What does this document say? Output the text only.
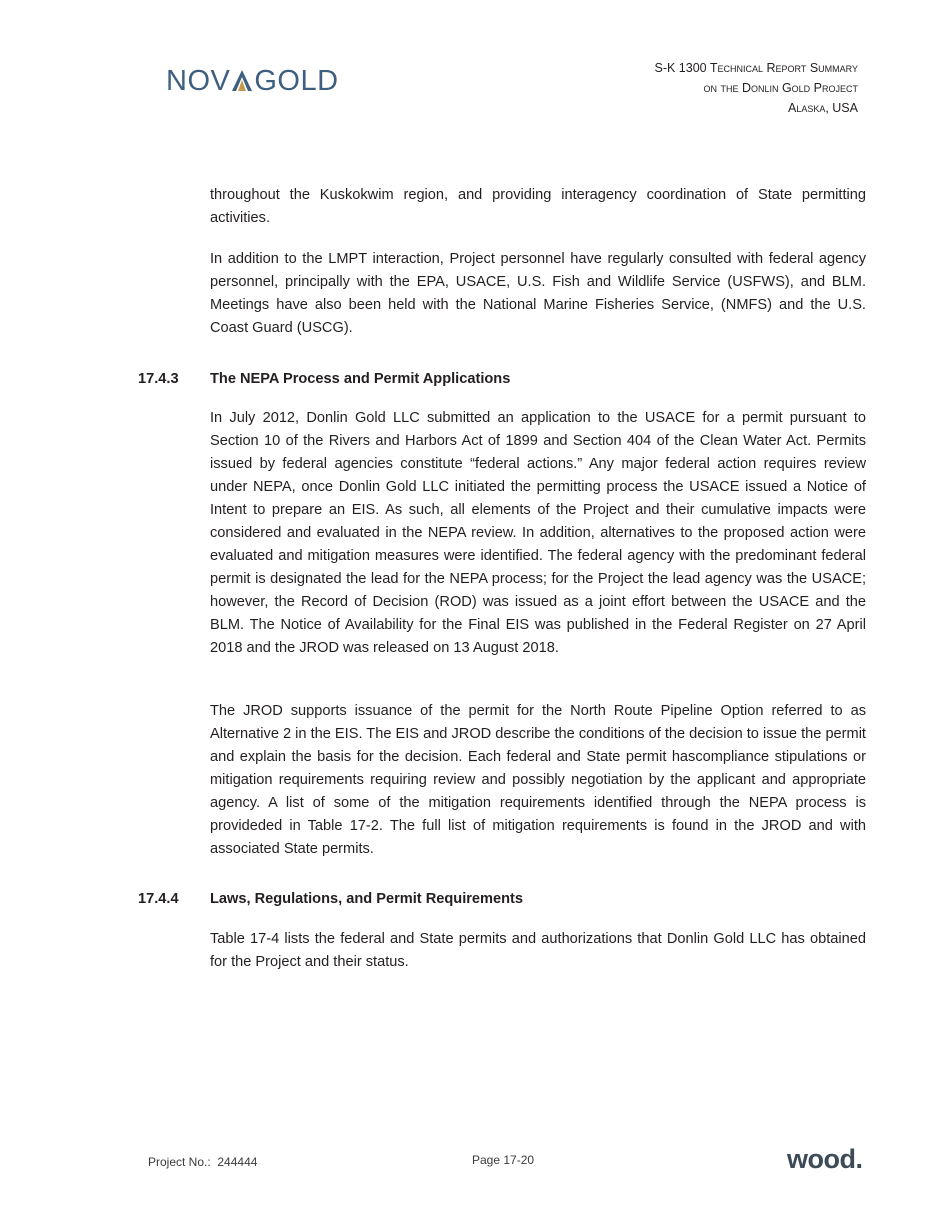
NOV GOLD	S-K 1300 Technical Report Summary
on the Donlin Gold Project
Alaska, USA

throughout the Kuskokwim region, and providing interagency coordination of State permitting activities.

In addition to the LMPT interaction, Project personnel have regularly consulted with federal agency personnel, principally with the EPA, USACE, U.S. Fish and Wildlife Service (USFWS), and BLM. Meetings have also been held with the National Marine Fisheries Service, (NMFS) and the U.S. Coast Guard (USCG).

17.4.3 The NEPA Process and Permit Applications

In July 2012, Donlin Gold LLC submitted an application to the USACE for a permit pursuant to Section 10 of the Rivers and Harbors Act of 1899 and Section 404 of the Clean Water Act. Permits issued by federal agencies constitute “federal actions.” Any major federal action requires review under NEPA, once Donlin Gold LLC initiated the permitting process the USACE issued a Notice of Intent to prepare an EIS. As such, all elements of the Project and their cumulative impacts were considered and evaluated in the NEPA review. In addition, alternatives to the proposed action were evaluated and mitigation measures were identified. The federal agency with the predominant federal permit is designated the lead for the NEPA process; for the Project the lead agency was the USACE; however, the Record of Decision (ROD) was issued as a joint effort between the USACE and the BLM. The Notice of Availability for the Final EIS was published in the Federal Register on 27 April 2018 and the JROD was released on 13 August 2018.

The JROD supports issuance of the permit for the North Route Pipeline Option referred to as Alternative 2 in the EIS. The EIS and JROD describe the conditions of the decision to issue the permit and explain the basis for the decision. Each federal and State permit hascompliance stipulations or mitigation requirements requiring review and possibly negotiation by the applicant and appropriate agency. A list of some of the mitigation requirements identified through the NEPA process is provideded in Table 17-2. The full list of mitigation requirements is found in the JROD and with associated State permits.

17.4.4 Laws, Regulations, and Permit Requirements

Table 17-4 lists the federal and State permits and authorizations that Donlin Gold LLC has obtained for the Project and their status.

Project No.: 244444	Page 17-20	wood.
